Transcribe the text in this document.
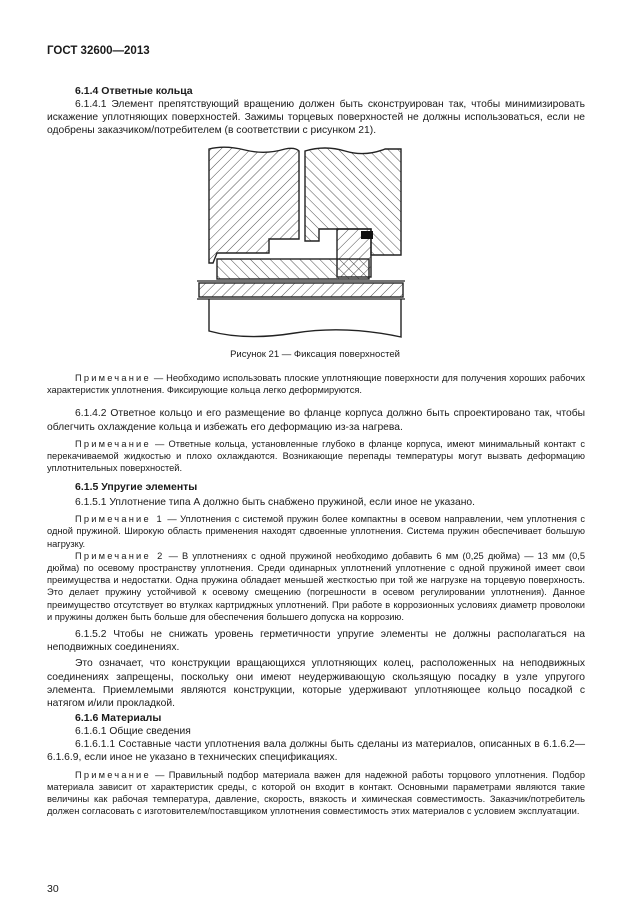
ГОСТ 32600—2013
6.1.4 Ответные кольца

6.1.4.1 Элемент препятствующий вращению должен быть сконструирован так, чтобы минимизировать искажение уплотняющих поверхностей. Зажимы торцевых поверхностей не должны использоваться, если не одобрены заказчиком/потребителем (в соответствии с рисунком 21).

Рисунок 21 — Фиксация поверхностей

Примечание — Необходимо использовать плоские уплотняющие поверхности для получения хороших рабочих характеристик уплотнения. Фиксирующие кольца легко деформируются.

6.1.4.2 Ответное кольцо и его размещение во фланце корпуса должно быть спроектировано так, чтобы облегчить охлаждение кольца и избежать его деформацию из-за нагрева.

Примечание — Ответные кольца, установленные глубоко в фланце корпуса, имеют минимальный контакт с перекачиваемой жидкостью и плохо охлаждаются. Возникающие перепады температуры могут вызвать деформацию уплотнительных поверхностей.

6.1.5 Упругие элементы

6.1.5.1 Уплотнение типа А должно быть снабжено пружиной, если иное не указано.

Примечание 1 — Уплотнения с системой пружин более компактны в осевом направлении, чем уплотнения с одной пружиной. Широкую область применения находят сдвоенные уплотнения. Система пружин обеспечивает большую нагрузку.

Примечание 2 — В уплотнениях с одной пружиной необходимо добавить 6 мм (0,25 дюйма) — 13 мм (0,5 дюйма) по осевому пространству уплотнения. Среди одинарных уплотнений уплотнение с одной пружиной имеет свои преимущества и недостатки. Одна пружина обладает меньшей жесткостью при той же нагрузке на торцевую поверхность. Это делает пружину устойчивой к осевому смещению (погрешности в осевом регулировании уплотнения). Данное преимущество отсутствует во втулках картриджных уплотнений. При работе в коррозионных условиях диаметр проволоки и пружины должен быть больше для обеспечения большего допуска на коррозию.

6.1.5.2 Чтобы не снижать уровень герметичности упругие элементы не должны располагаться на неподвижных соединениях.

Это означает, что конструкции вращающихся уплотняющих колец, расположенных на неподвижных соединениях запрещены, поскольку они имеют неудерживающую скользящую посадку в узле упругого элемента. Приемлемыми являются конструкции, которые удерживают уплотняющее кольцо посадкой с натягом и/или прокладкой.

6.1.6 Материалы

6.1.6.1 Общие сведения

6.1.6.1.1 Составные части уплотнения вала должны быть сделаны из материалов, описанных в 6.1.6.2—6.1.6.9, если иное не указано в технических спецификациях.

Примечание — Правильный подбор материала важен для надежной работы торцового уплотнения. Подбор материала зависит от характеристик среды, с которой он входит в контакт. Основными параметрами являются такие величины как рабочая температура, давление, скорость, вязкость и химическая совместимость. Заказчик/потребитель должен согласовать с изготовителем/поставщиком уплотнения совместимость этих материалов с условием эксплуатации.

30
